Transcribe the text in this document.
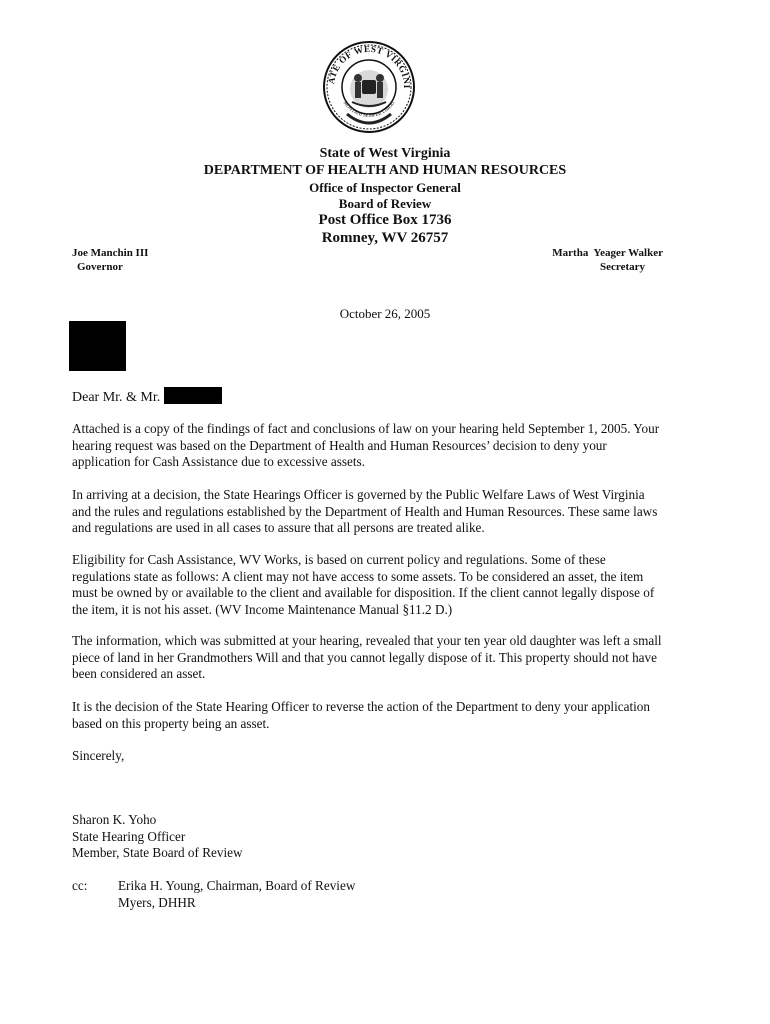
ATE OF WEST VIRGINI
MONTANI SEMPER LIBERI
State of West Virginia
DEPARTMENT OF HEALTH AND HUMAN RESOURCES
Office of Inspector General
Board of Review
Post Office Box 1736
Romney, WV 26757
Joe Manchin III
Governor
Martha  Yeager Walker
Secretary
October 26, 2005
Dear Mr. & Mr.
Attached is a copy of the findings of fact and conclusions of law on your hearing held September 1, 2005. Your
hearing request was based on the Department of Health and Human Resources’ decision to deny your
application for Cash Assistance due to excessive assets.
In arriving at a decision, the State Hearings Officer is governed by the Public Welfare Laws of West Virginia
and the rules and regulations established by the Department of Health and Human Resources. These same laws
and regulations are used in all cases to assure that all persons are treated alike.
Eligibility for Cash Assistance, WV Works, is based on current policy and regulations. Some of these
regulations state as follows: A client may not have access to some assets. To be considered an asset, the item
must be owned by or available to the client and available for disposition. If the client cannot legally dispose of
the item, it is not his asset. (WV Income Maintenance Manual §11.2 D.)
The information, which was submitted at your hearing, revealed that your ten year old daughter was left a small
piece of land in her Grandmothers Will and that you cannot legally dispose of it. This property should not have
been considered an asset.
It is the decision of the State Hearing Officer to reverse the action of the Department to deny your application
based on this property being an asset.
Sincerely,
Sharon K. Yoho
State Hearing Officer
Member, State Board of Review
cc: Erika H. Young, Chairman, Board of Review
Myers, DHHR
